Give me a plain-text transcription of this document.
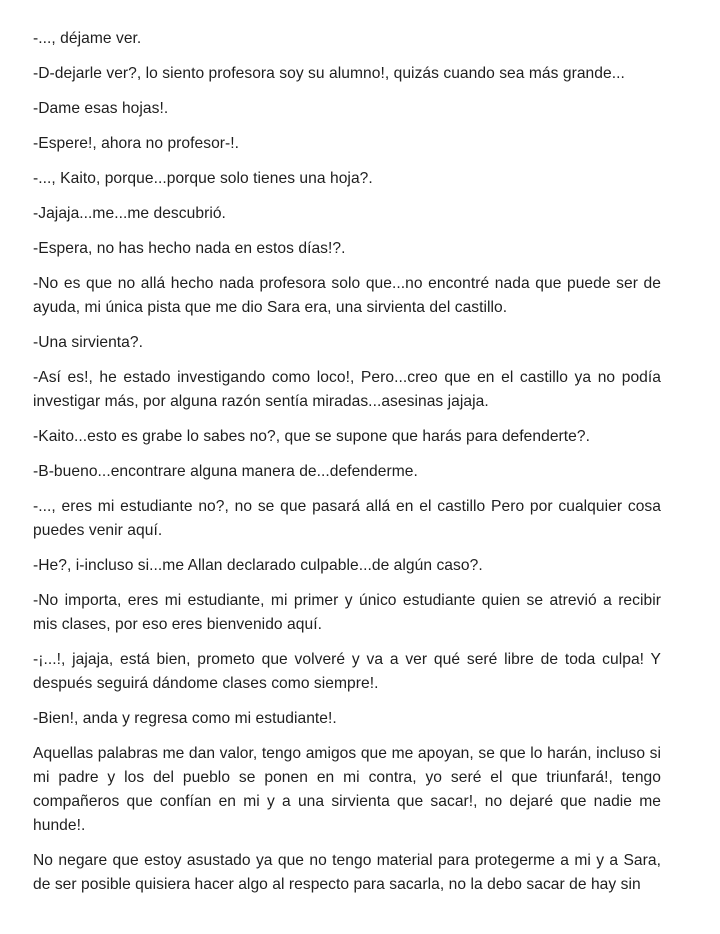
-..., déjame ver.

-D-dejarle ver?, lo siento profesora soy su alumno!, quizás cuando sea más grande...

-Dame esas hojas!.

-Espere!, ahora no profesor-!.

-..., Kaito, porque...porque solo tienes una hoja?.

-Jajaja...me...me descubrió.

-Espera, no has hecho nada en estos días!?.

-No es que no allá hecho nada profesora solo que...no encontré nada que puede ser de ayuda, mi única pista que me dio Sara era, una sirvienta del castillo.

-Una sirvienta?.

-Así es!, he estado investigando como loco!, Pero...creo que en el castillo ya no podía investigar más, por alguna razón sentía miradas...asesinas jajaja.

-Kaito...esto es grabe lo sabes no?, que se supone que harás para defenderte?.

-B-bueno...encontrare alguna manera de...defenderme.

-..., eres mi estudiante no?, no se que pasará allá en el castillo Pero por cualquier cosa puedes venir aquí.

-He?, i-incluso si...me Allan declarado culpable...de algún caso?.

-No importa, eres mi estudiante, mi primer y único estudiante quien se atrevió a recibir mis clases, por eso eres bienvenido aquí.

-¡...!, jajaja, está bien, prometo que volveré y va a ver qué seré libre de toda culpa! Y después seguirá dándome clases como siempre!.

-Bien!, anda y regresa como mi estudiante!.

Aquellas palabras me dan valor, tengo amigos que me apoyan, se que lo harán, incluso si mi padre y los del pueblo se ponen en mi contra, yo seré el que triunfará!, tengo compañeros que confían en mi y a una sirvienta que sacar!, no dejaré que nadie me hunde!.

No negare que estoy asustado ya que no tengo material para protegerme a mi y a Sara, de ser posible quisiera hacer algo al respecto para sacarla, no la debo sacar de hay sin
